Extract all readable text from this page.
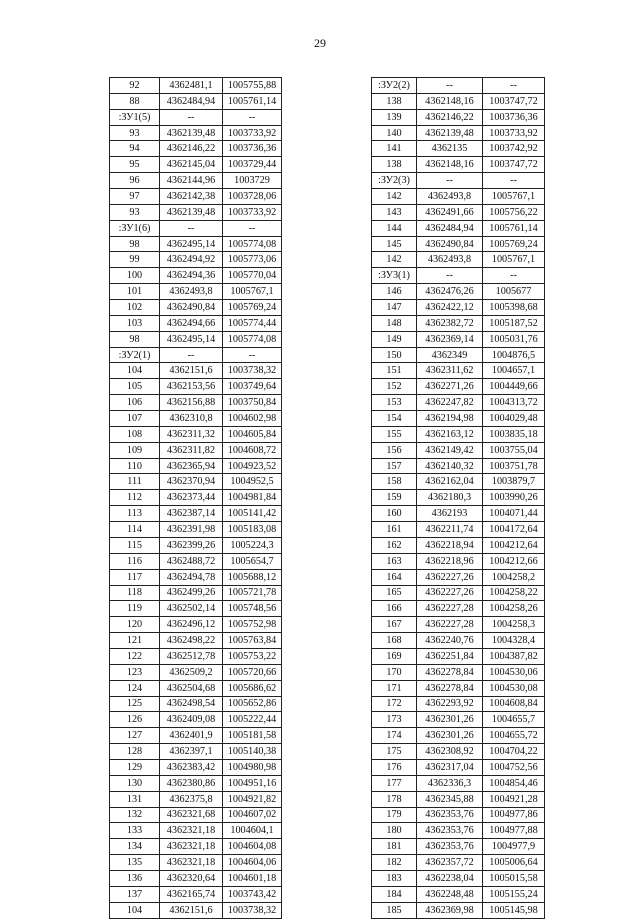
29
92	4362481,1	1005755,88
88	4362484,94	1005761,14
:ЗУ1(5)	--	--
93	4362139,48	1003733,92
94	4362146,22	1003736,36
95	4362145,04	1003729,44
96	4362144,96	1003729
97	4362142,38	1003728,06
93	4362139,48	1003733,92
:ЗУ1(6)	--	--
98	4362495,14	1005774,08
99	4362494,92	1005773,06
100	4362494,36	1005770,04
101	4362493,8	1005767,1
102	4362490,84	1005769,24
103	4362494,66	1005774,44
98	4362495,14	1005774,08
:ЗУ2(1)	--	--
104	4362151,6	1003738,32
105	4362153,56	1003749,64
106	4362156,88	1003750,84
107	4362310,8	1004602,98
108	4362311,32	1004605,84
109	4362311,82	1004608,72
110	4362365,94	1004923,52
111	4362370,94	1004952,5
112	4362373,44	1004981,84
113	4362387,14	1005141,42
114	4362391,98	1005183,08
115	4362399,26	1005224,3
116	4362488,72	1005654,7
117	4362494,78	1005688,12
118	4362499,26	1005721,78
119	4362502,14	1005748,56
120	4362496,12	1005752,98
121	4362498,22	1005763,84
122	4362512,78	1005753,22
123	4362509,2	1005720,66
124	4362504,68	1005686,62
125	4362498,54	1005652,86
126	4362409,08	1005222,44
127	4362401,9	1005181,58
128	4362397,1	1005140,38
129	4362383,42	1004980,98
130	4362380,86	1004951,16
131	4362375,8	1004921,82
132	4362321,68	1004607,02
133	4362321,18	1004604,1
134	4362321,18	1004604,08
135	4362321,18	1004604,06
136	4362320,64	1004601,18
137	4362165,74	1003743,42
104	4362151,6	1003738,32
:ЗУ2(2)	--	--
138	4362148,16	1003747,72
139	4362146,22	1003736,36
140	4362139,48	1003733,92
141	4362135	1003742,92
138	4362148,16	1003747,72
:ЗУ2(3)	--	--
142	4362493,8	1005767,1
143	4362491,66	1005756,22
144	4362484,94	1005761,14
145	4362490,84	1005769,24
142	4362493,8	1005767,1
:ЗУ3(1)	--	--
146	4362476,26	1005677
147	4362422,12	1005398,68
148	4362382,72	1005187,52
149	4362369,14	1005031,76
150	4362349	1004876,5
151	4362311,62	1004657,1
152	4362271,26	1004449,66
153	4362247,82	1004313,72
154	4362194,98	1004029,48
155	4362163,12	1003835,18
156	4362149,42	1003755,04
157	4362140,32	1003751,78
158	4362162,04	1003879,7
159	4362180,3	1003990,26
160	4362193	1004071,44
161	4362211,74	1004172,64
162	4362218,94	1004212,64
163	4362218,96	1004212,66
164	4362227,26	1004258,2
165	4362227,26	1004258,22
166	4362227,28	1004258,26
167	4362227,28	1004258,3
168	4362240,76	1004328,4
169	4362251,84	1004387,82
170	4362278,84	1004530,06
171	4362278,84	1004530,08
172	4362293,92	1004608,84
173	4362301,26	1004655,7
174	4362301,26	1004655,72
175	4362308,92	1004704,22
176	4362317,04	1004752,56
177	4362336,3	1004854,46
178	4362345,88	1004921,28
179	4362353,76	1004977,86
180	4362353,76	1004977,88
181	4362353,76	1004977,9
182	4362357,72	1005006,64
183	4362238,04	1005015,58
184	4362248,48	1005155,24
185	4362369,98	1005145,98
